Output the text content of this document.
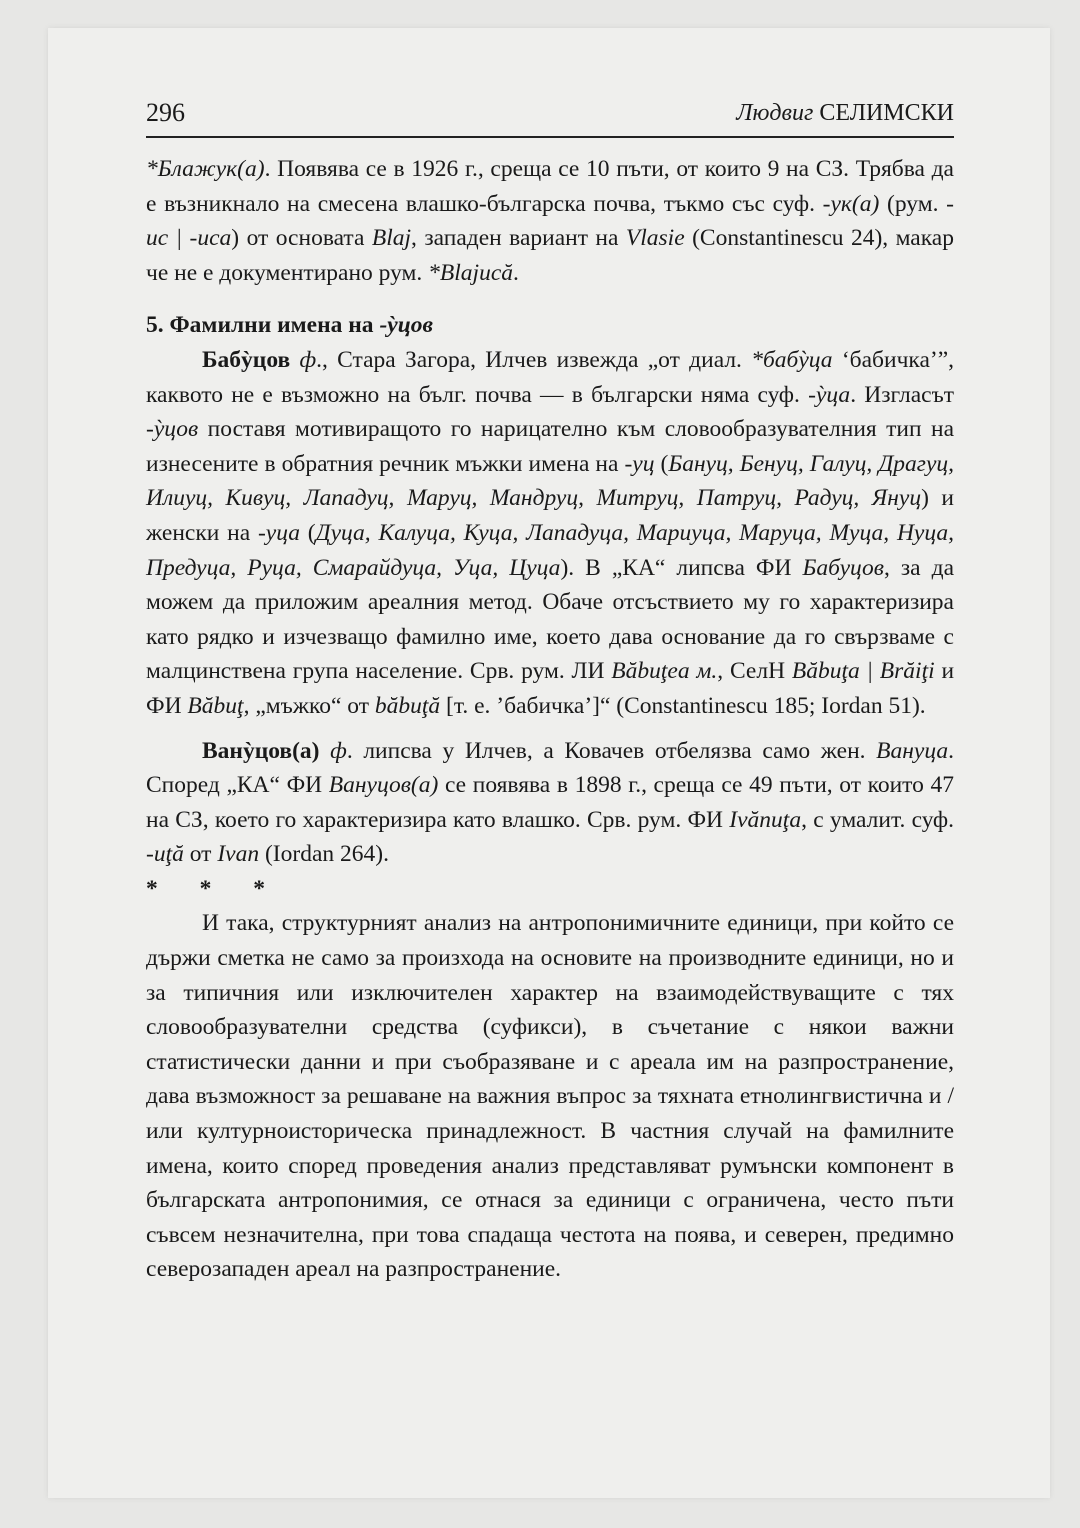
296	Людвиг СЕЛИМСКИ

*Блажук(а). Появява се в 1926 г., среща се 10 пъти, от които 9 на СЗ. Трябва да е възникнало на смесена влашко-българска почва, тъкмо със суф. -ук(а) (рум. -uc | -uca) от основата Blaj, западен вариант на Vlasie (Constantinescu 24), макар че не е документирано рум. *Blajucă.

5. Фамилни имена на -ỳцов

Бабỳцов ф., Стара Загора, Илчев извежда „от диал. *бабỳца ‘бабичка’”, каквото не е възможно на бълг. почва — в български няма суф. -ỳца. Изгласът -ỳцов поставя мотивиращото го нарицателно към словообразувателния тип на изнесените в обратния речник мъжки имена на -уц (Бануц, Бенуц, Галуц, Драгуц, Илиуц, Кивуц, Лападуц, Маруц, Мандруц, Митруц, Патруц, Радуц, Януц) и женски на -уца (Дуца, Калуца, Куца, Лападуца, Мариуца, Маруца, Муца, Нуца, Предуца, Руца, Смарайдуца, Уца, Цуца). В „КА“ липсва ФИ Бабуцов, за да можем да приложим ареалния метод. Обаче отсъствието му го характеризира като рядко и изчезващо фамилно име, което дава основание да го свързваме с малцинствена група население. Срв. рум. ЛИ Băbuţea м., СелН Băbuţa | Brăiţi и ФИ Băbuţ, „мъжко“ от băbuţă [т. е. ’бабичка’]“ (Constantinescu 185; Iordan 51).

Ванỳцов(а) ф. липсва у Илчев, а Ковачев отбелязва само жен. Вануца. Според „КА“ ФИ Вануцов(а) се появява в 1898 г., среща се 49 пъти, от които 47 на СЗ, което го характеризира като влашко. Срв. рум. ФИ Ivănuţa, с умалит. суф. -uţă от Ivan (Iordan 264).

* * *

И така, структурният анализ на антропонимичните единици, при който се държи сметка не само за произхода на основите на производните единици, но и за типичния или изключителен характер на взаимодействуващите с тях словообразувателни средства (суфикси), в съчетание с някои важни статистически данни и при съобразяване и с ареала им на разпространение, дава възможност за решаване на важния въпрос за тяхната етнолингвистична и / или културноисторическа принадлежност. В частния случай на фамилните имена, които според проведения анализ представляват румънски компонент в българската антропонимия, се отнася за единици с ограничена, често пъти съвсем незначителна, при това спадаща честота на поява, и северен, предимно северозападен ареал на разпространение.
